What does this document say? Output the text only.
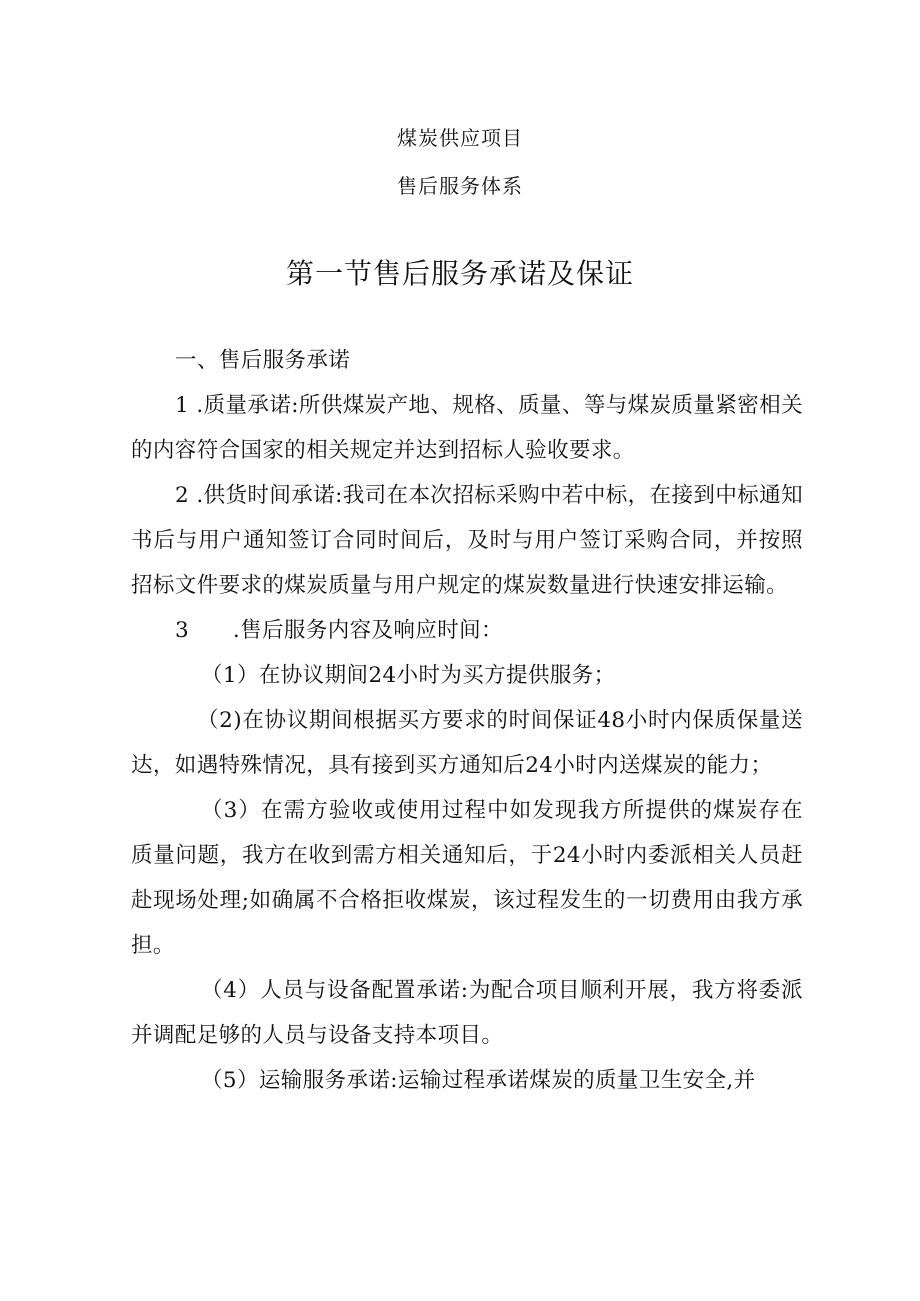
煤炭供应项目
售后服务体系
第一节售后服务承诺及保证

一、售后服务承诺

1 .质量承诺:所供煤炭产地、规格、质量、等与煤炭质量紧密相关的内容符合国家的相关规定并达到招标人验收要求。

2 .供货时间承诺:我司在本次招标采购中若中标，在接到中标通知书后与用户通知签订合同时间后，及时与用户签订采购合同，并按照招标文件要求的煤炭质量与用户规定的煤炭数量进行快速安排运输。

3　　.售后服务内容及响应时间：

（1）在协议期间24小时为买方提供服务；

（2)在协议期间根据买方要求的时间保证48小时内保质保量送达，如遇特殊情况，具有接到买方通知后24小时内送煤炭的能力；

（3）在需方验收或使用过程中如发现我方所提供的煤炭存在质量问题，我方在收到需方相关通知后，于24小时内委派相关人员赶赴现场处理;如确属不合格拒收煤炭，该过程发生的一切费用由我方承担。

（4）人员与设备配置承诺:为配合项目顺利开展，我方将委派并调配足够的人员与设备支持本项目。

（5）运输服务承诺:运输过程承诺煤炭的质量卫生安全,并
